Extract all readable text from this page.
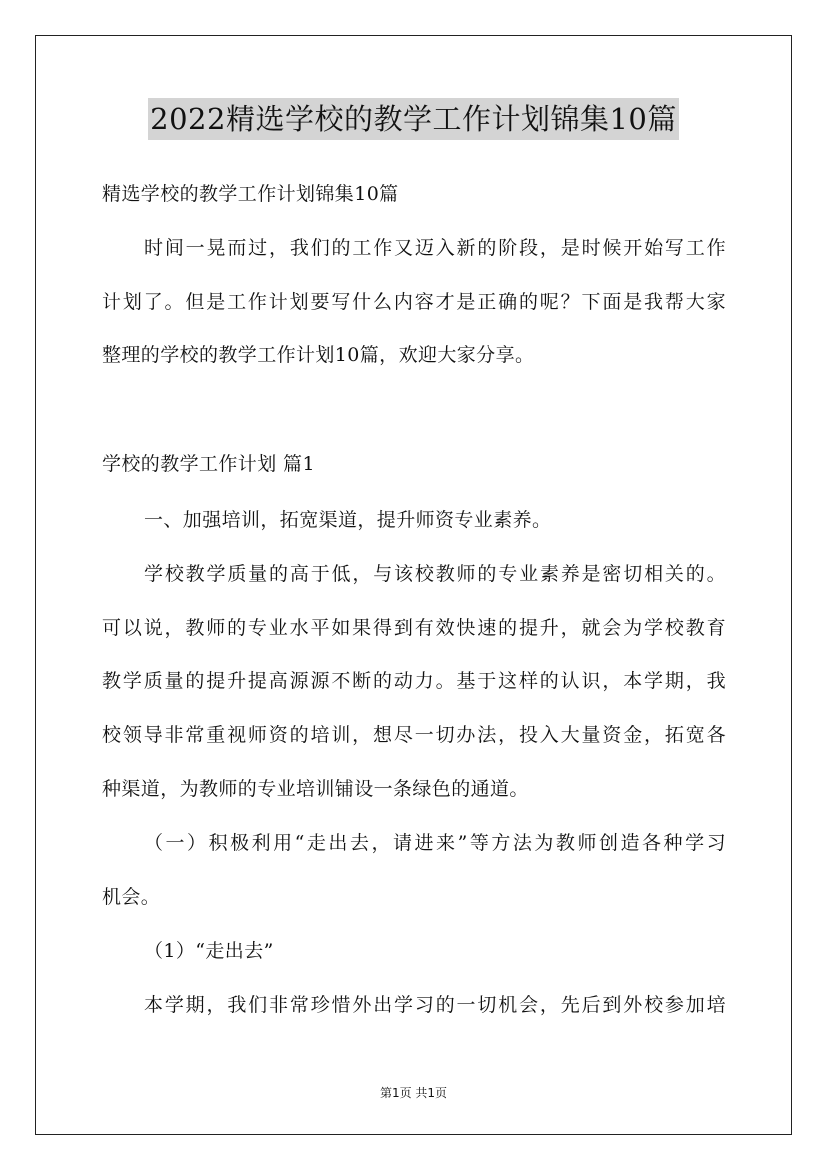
2022精选学校的教学工作计划锦集10篇
精选学校的教学工作计划锦集10篇
时间一晃而过，我们的工作又迈入新的阶段，是时候开始写工作
计划了。但是工作计划要写什么内容才是正确的呢？下面是我帮大家
整理的学校的教学工作计划10篇，欢迎大家分享。
学校的教学工作计划 篇1
一、加强培训，拓宽渠道，提升师资专业素养。
学校教学质量的高于低，与该校教师的专业素养是密切相关的。
可以说，教师的专业水平如果得到有效快速的提升，就会为学校教育
教学质量的提升提高源源不断的动力。基于这样的认识，本学期，我
校领导非常重视师资的培训，想尽一切办法，投入大量资金，拓宽各
种渠道，为教师的专业培训铺设一条绿色的通道。
（一）积极利用“走出去，请进来”等方法为教师创造各种学习
机会。
（1）“走出去”
本学期，我们非常珍惜外出学习的一切机会，先后到外校参加培
第1页 共1页
